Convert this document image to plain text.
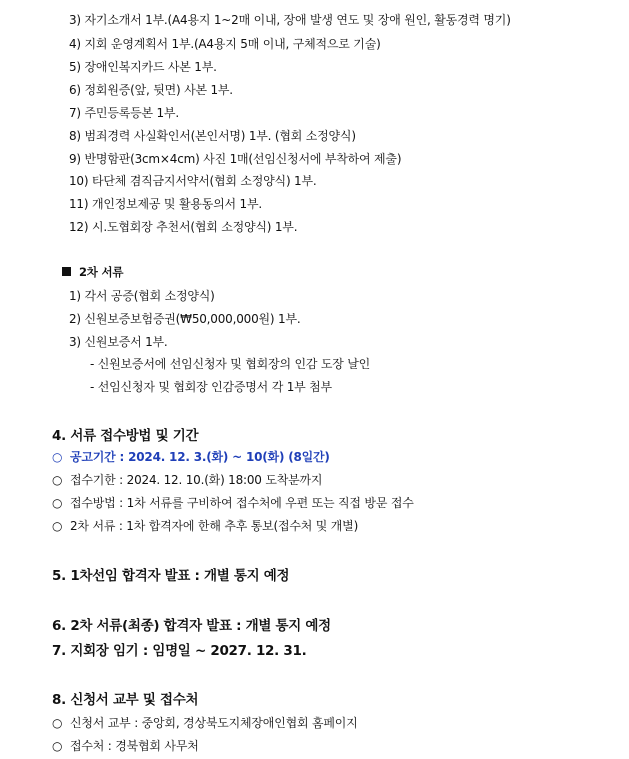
3) 자기소개서 1부.(A4용지 1~2매 이내, 장애 발생 연도 및 장애 원인, 활동경력 명기)
4) 지회 운영계획서 1부.(A4용지 5매 이내, 구체적으로 기술)
5) 장애인복지카드 사본 1부.
6) 정회원증(앞, 뒷면) 사본 1부.
7) 주민등록등본 1부.
8) 범죄경력 사실확인서(본인서명) 1부. (협회 소정양식)
9) 반명함판(3cm×4cm) 사진 1매(선임신청서에 부착하여 제출)
10) 타단체 겸직금지서약서(협회 소정양식) 1부.
11) 개인정보제공 및 활용동의서 1부.
12) 시.도협회장 추천서(협회 소정양식) 1부.
2차 서류
1) 각서 공증(협회 소정양식)
2) 신원보증보험증권(₩50,000,000원) 1부.
3) 신원보증서 1부.
- 신원보증서에 선임신청자 및 협회장의 인감 도장 날인
- 선임신청자 및 협회장 인감증명서 각 1부 첨부
4. 서류 접수방법 및 기간
○ 공고기간 : 2024. 12. 3.(화) ~ 10(화) (8일간)
○ 접수기한 : 2024. 12. 10.(화) 18:00 도착분까지
○ 접수방법 : 1차 서류를 구비하여 접수처에 우편 또는 직접 방문 접수
○ 2차 서류 : 1차 합격자에 한해 추후 통보(접수처 및 개별)
5. 1차선임 합격자 발표 : 개별 통지 예정
6. 2차 서류(최종) 합격자 발표 : 개별 통지 예정
7. 지회장 임기 : 임명일 ~ 2027. 12. 31.
8. 신청서 교부 및 접수처
○ 신청서 교부 : 중앙회, 경상북도지체장애인협회 홈페이지
○ 접수처 : 경북협회 사무처
